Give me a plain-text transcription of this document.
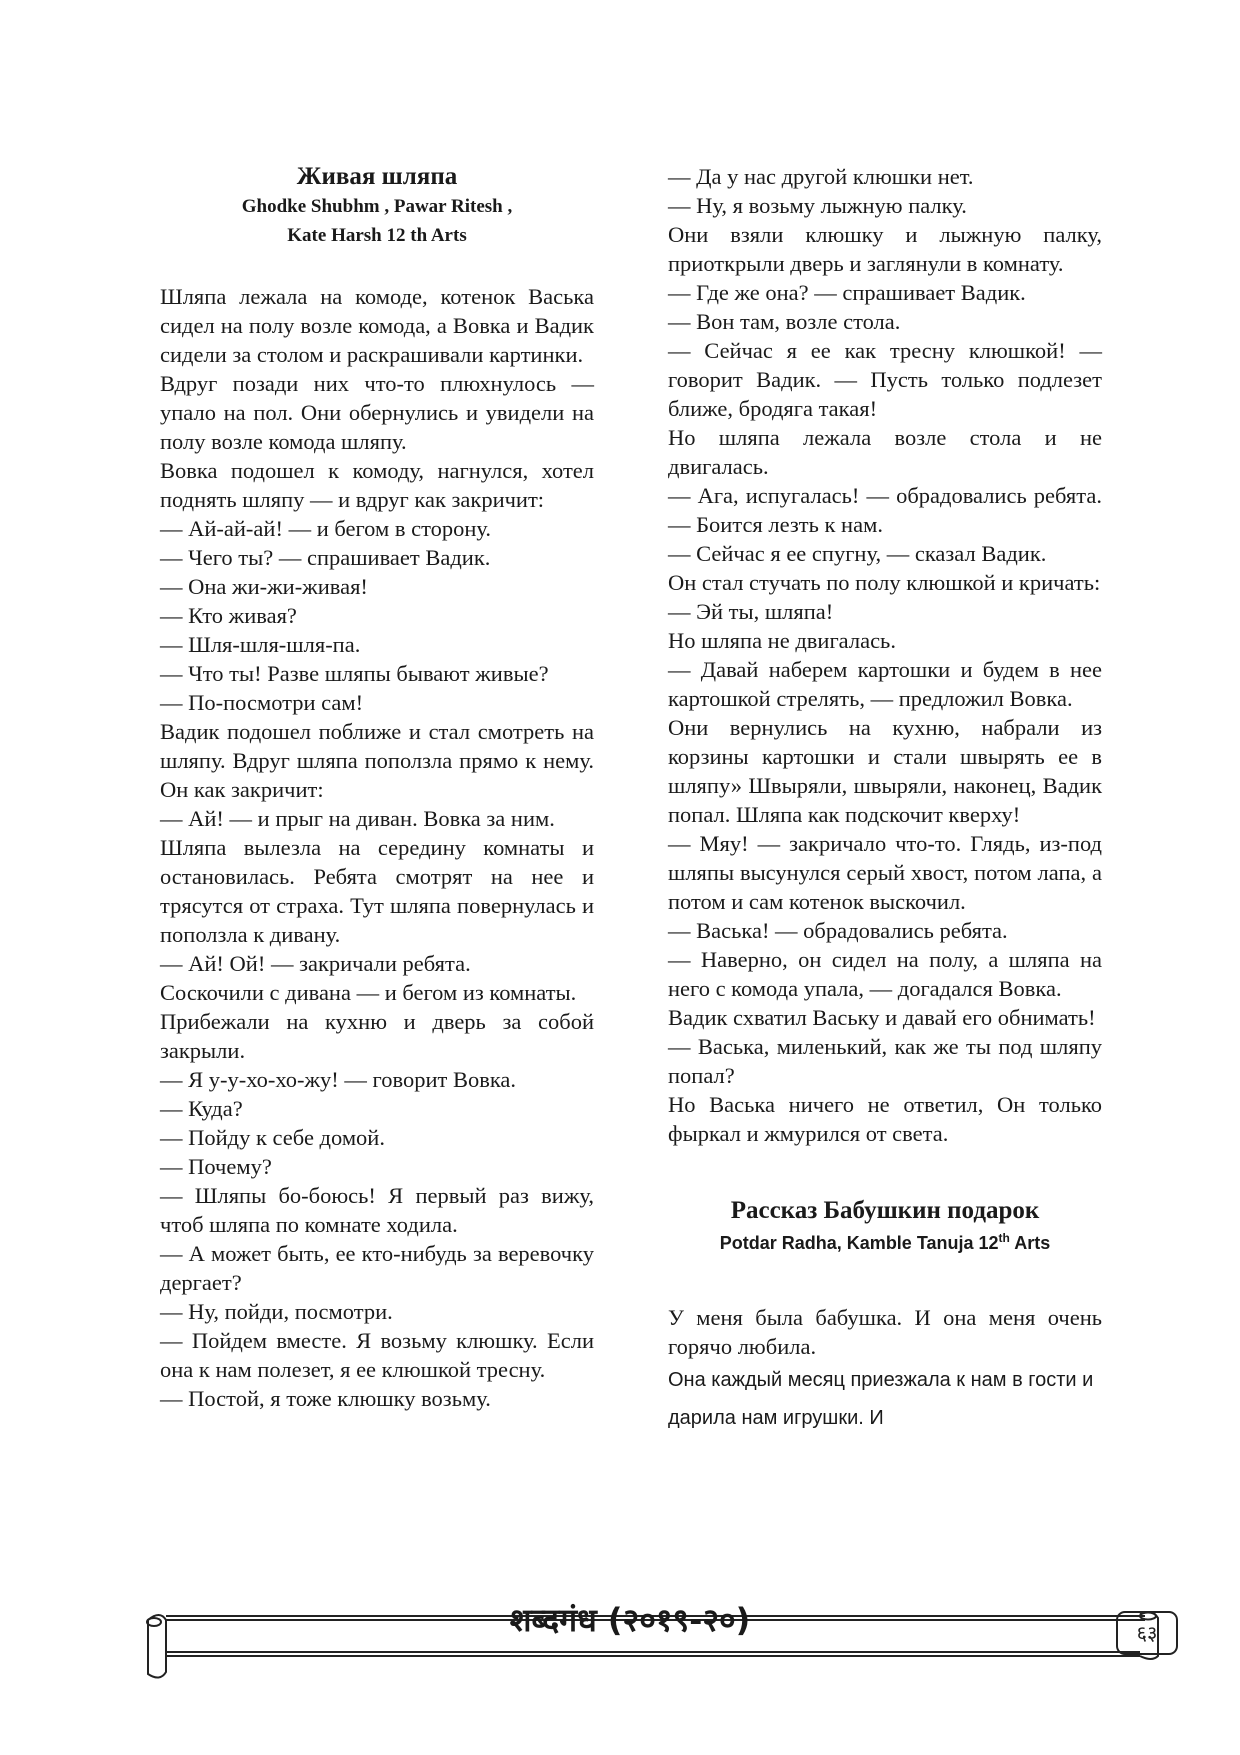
Живая шляпа
Ghodke Shubhm , Pawar Ritesh ,
Kate Harsh 12 th Arts

Шляпа лежала на комоде, котенок Васька сидел на полу возле комода, а Вовка и Вадик сидели за столом и раскрашивали картинки.

Вдруг позади них что-то плюхнулось — упало на пол. Они обернулись и увидели на полу возле комода шляпу.

Вовка подошел к комоду, нагнулся, хотел поднять шляпу — и вдруг как закричит:

— Ай-ай-ай! — и бегом в сторону.

— Чего ты? — спрашивает Вадик.

— Она жи-жи-живая!

— Кто живая?

— Шля-шля-шля-па.

— Что ты! Разве шляпы бывают живые?

— По-посмотри сам!

Вадик подошел поближе и стал смотреть на шляпу. Вдруг шляпа поползла прямо к нему. Он как закричит:

— Ай! — и прыг на диван. Вовка за ним.

Шляпа вылезла на середину комнаты и остановилась. Ребята смотрят на нее и трясутся от страха. Тут шляпа повернулась и поползла к дивану.

— Ай! Ой! — закричали ребята.

Соскочили с дивана — и бегом из комнаты.

Прибежали на кухню и дверь за собой закрыли.

— Я у-у-хо-хо-жу! — говорит Вовка.

— Куда?

— Пойду к себе домой.

— Почему?

— Шляпы бо-боюсь! Я первый раз вижу, чтоб шляпа по комнате ходила.

— А может быть, ее кто-нибудь за веревочку дергает?

— Ну, пойди, посмотри.

— Пойдем вместе. Я возьму клюшку. Если она к нам полезет, я ее клюшкой тресну.

— Постой, я тоже клюшку возьму.

— Да у нас другой клюшки нет.

— Ну, я возьму лыжную палку.

Они взяли клюшку и лыжную палку, приоткрыли дверь и заглянули в комнату.

— Где же она? — спрашивает Вадик.

— Вон там, возле стола.

— Сейчас я ее как тресну клюшкой! — говорит Вадик. — Пусть только подлезет ближе, бродяга такая!

Но шляпа лежала возле стола и не двигалась.

— Ага, испугалась! — обрадовались ребята. — Боится лезть к нам.

— Сейчас я ее спугну, — сказал Вадик.

Он стал стучать по полу клюшкой и кричать:

— Эй ты, шляпа!

Но шляпа не двигалась.

— Давай наберем картошки и будем в нее картошкой стрелять, — предложил Вовка.

Они вернулись на кухню, набрали из корзины картошки и стали швырять ее в шляпу» Швыряли, швыряли, наконец, Вадик попал. Шляпа как подскочит кверху!

— Мяу! — закричало что-то. Глядь, из-под шляпы высунулся серый хвост, потом лапа, а потом и сам котенок выскочил.

— Васька! — обрадовались ребята.

— Наверно, он сидел на полу, а шляпа на него с комода упала, — догадался Вовка.

Вадик схватил Ваську и давай его обнимать!

— Васька, миленький, как же ты под шляпу попал?

Но Васька ничего не ответил, Он только фыркал и жмурился от света.

Рассказ Бабушкин подарок
Potdar Radha, Kamble Tanuja 12th Arts

У меня была бабушка. И она меня очень горячо любила.

Она каждый месяц приезжала к нам в гости и дарила нам игрушки. И

शब्दगंध (२०१९-२०)	६३
